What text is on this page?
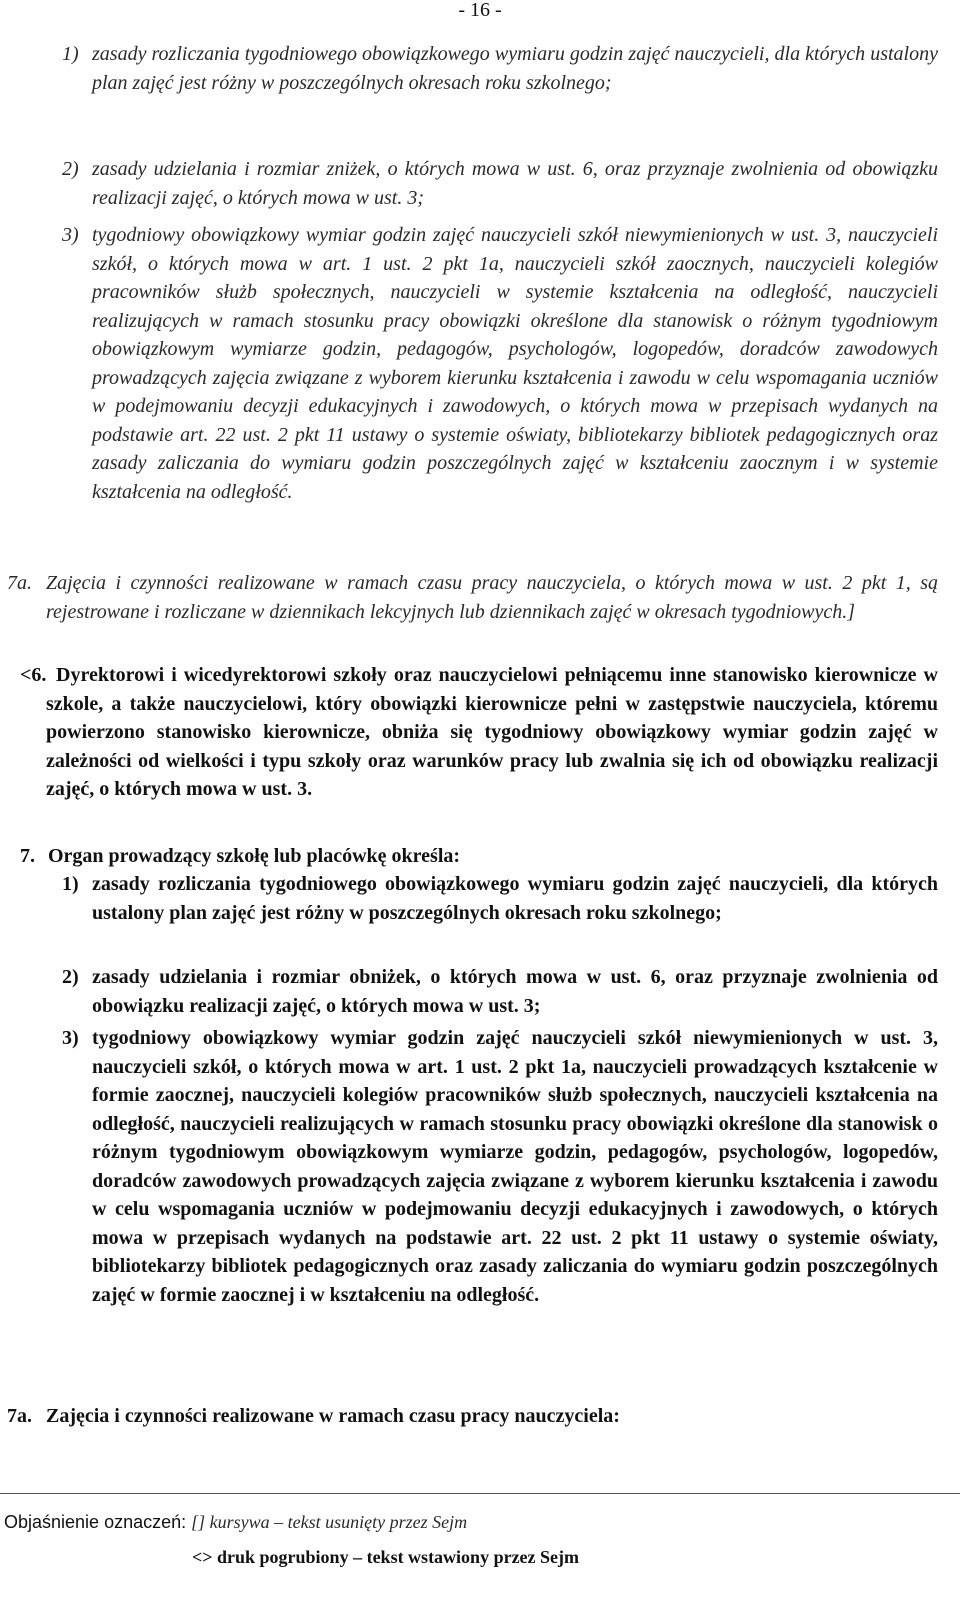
- 16 -
1) zasady rozliczania tygodniowego obowiązkowego wymiaru godzin zajęć nauczycieli, dla których ustalony plan zajęć jest różny w poszczególnych okresach roku szkolnego;
2) zasady udzielania i rozmiar zniżek, o których mowa w ust. 6, oraz przyznaje zwolnienia od obowiązku realizacji zajęć, o których mowa w ust. 3;
3) tygodniowy obowiązkowy wymiar godzin zajęć nauczycieli szkół niewymienionych w ust. 3, nauczycieli szkół, o których mowa w art. 1 ust. 2 pkt 1a, nauczycieli szkół zaocznych, nauczycieli kolegiów pracowników służb społecznych, nauczycieli w systemie kształcenia na odległość, nauczycieli realizujących w ramach stosunku pracy obowiązki określone dla stanowisk o różnym tygodniowym obowiązkowym wymiarze godzin, pedagogów, psychologów, logopedów, doradców zawodowych prowadzących zajęcia związane z wyborem kierunku kształcenia i zawodu w celu wspomagania uczniów w podejmowaniu decyzji edukacyjnych i zawodowych, o których mowa w przepisach wydanych na podstawie art. 22 ust. 2 pkt 11 ustawy o systemie oświaty, bibliotekarzy bibliotek pedagogicznych oraz zasady zaliczania do wymiaru godzin poszczególnych zajęć w kształceniu zaocznym i w systemie kształcenia na odległość.
7a. Zajęcia i czynności realizowane w ramach czasu pracy nauczyciela, o których mowa w ust. 2 pkt 1, są rejestrowane i rozliczane w dziennikach lekcyjnych lub dziennikach zajęć w okresach tygodniowych.]
<6. Dyrektorowi i wicedyrektorowi szkoły oraz nauczycielowi pełniącemu inne stanowisko kierownicze w szkole, a także nauczycielowi, który obowiązki kierownicze pełni w zastępstwie nauczyciela, któremu powierzono stanowisko kierownicze, obniża się tygodniowy obowiązkowy wymiar godzin zajęć w zależności od wielkości i typu szkoły oraz warunków pracy lub zwalnia się ich od obowiązku realizacji zajęć, o których mowa w ust. 3.
7. Organ prowadzący szkołę lub placówkę określa:
1) zasady rozliczania tygodniowego obowiązkowego wymiaru godzin zajęć nauczycieli, dla których ustalony plan zajęć jest różny w poszczególnych okresach roku szkolnego;
2) zasady udzielania i rozmiar obniżek, o których mowa w ust. 6, oraz przyznaje zwolnienia od obowiązku realizacji zajęć, o których mowa w ust. 3;
3) tygodniowy obowiązkowy wymiar godzin zajęć nauczycieli szkół niewymienionych w ust. 3, nauczycieli szkół, o których mowa w art. 1 ust. 2 pkt 1a, nauczycieli prowadzących kształcenie w formie zaocznej, nauczycieli kolegiów pracowników służb społecznych, nauczycieli kształcenia na odległość, nauczycieli realizujących w ramach stosunku pracy obowiązki określone dla stanowisk o różnym tygodniowym obowiązkowym wymiarze godzin, pedagogów, psychologów, logopedów, doradców zawodowych prowadzących zajęcia związane z wyborem kierunku kształcenia i zawodu w celu wspomagania uczniów w podejmowaniu decyzji edukacyjnych i zawodowych, o których mowa w przepisach wydanych na podstawie art. 22 ust. 2 pkt 11 ustawy o systemie oświaty, bibliotekarzy bibliotek pedagogicznych oraz zasady zaliczania do wymiaru godzin poszczególnych zajęć w formie zaocznej i w kształceniu na odległość.
7a. Zajęcia i czynności realizowane w ramach czasu pracy nauczyciela:
Objaśnienie oznaczeń: [] kursywa – tekst usunięty przez Sejm
<> druk pogrubiony – tekst wstawiony przez Sejm
